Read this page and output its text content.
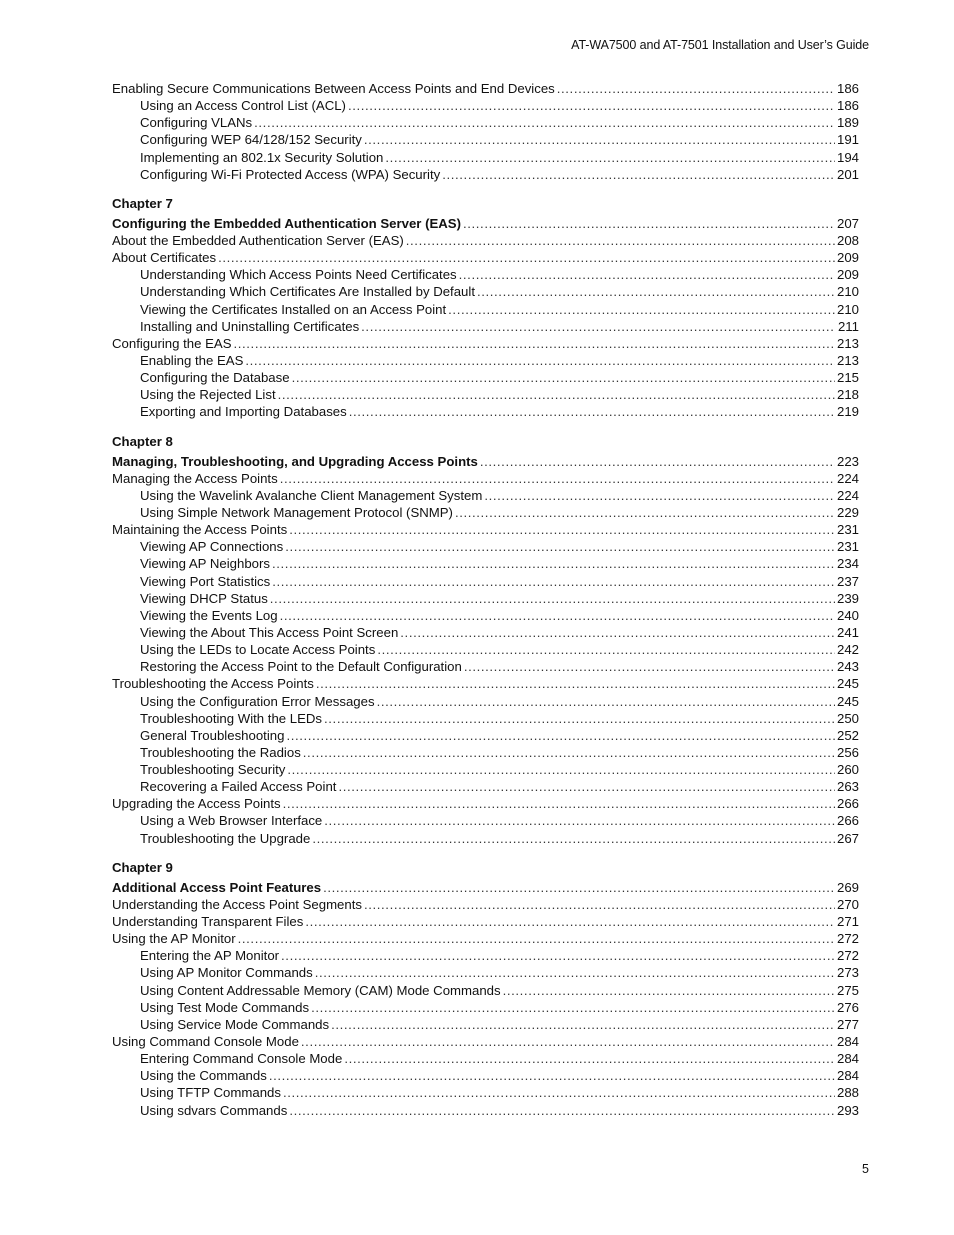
AT-WA7500 and AT-7501 Installation and User’s Guide
Enabling Secure Communications Between Access Points and End Devices .....	186
Using an Access Control List (ACL) .....	186
Configuring VLANs .....	189
Configuring WEP 64/128/152 Security .....	191
Implementing an 802.1x Security Solution .....	194
Configuring Wi-Fi Protected Access (WPA) Security .....	201
Chapter 7
Configuring the Embedded Authentication Server (EAS) .....	207
About the Embedded Authentication Server (EAS) .....	208
About Certificates .....	209
Understanding Which Access Points Need Certificates .....	209
Understanding Which Certificates Are Installed by Default .....	210
Viewing the Certificates Installed on an Access Point .....	210
Installing and Uninstalling Certificates .....	211
Configuring the EAS .....	213
Enabling the EAS .....	213
Configuring the Database .....	215
Using the Rejected List .....	218
Exporting and Importing Databases .....	219
Chapter 8
Managing, Troubleshooting, and Upgrading Access Points .....	223
Managing the Access Points .....	224
Using the Wavelink Avalanche Client Management System .....	224
Using Simple Network Management Protocol (SNMP) .....	229
Maintaining the Access Points .....	231
Viewing AP Connections .....	231
Viewing AP Neighbors .....	234
Viewing Port Statistics .....	237
Viewing DHCP Status .....	239
Viewing the Events Log .....	240
Viewing the About This Access Point Screen .....	241
Using the LEDs to Locate Access Points .....	242
Restoring the Access Point to the Default Configuration .....	243
Troubleshooting the Access Points .....	245
Using the Configuration Error Messages .....	245
Troubleshooting With the LEDs .....	250
General Troubleshooting .....	252
Troubleshooting the Radios .....	256
Troubleshooting Security .....	260
Recovering a Failed Access Point .....	263
Upgrading the Access Points .....	266
Using a Web Browser Interface .....	266
Troubleshooting the Upgrade .....	267
Chapter 9
Additional Access Point Features .....	269
Understanding the Access Point Segments .....	270
Understanding Transparent Files .....	271
Using the AP Monitor .....	272
Entering the AP Monitor .....	272
Using AP Monitor Commands .....	273
Using Content Addressable Memory (CAM) Mode Commands .....	275
Using Test Mode Commands .....	276
Using Service Mode Commands .....	277
Using Command Console Mode .....	284
Entering Command Console Mode .....	284
Using the Commands .....	284
Using TFTP Commands .....	288
Using sdvars Commands .....	293
5
